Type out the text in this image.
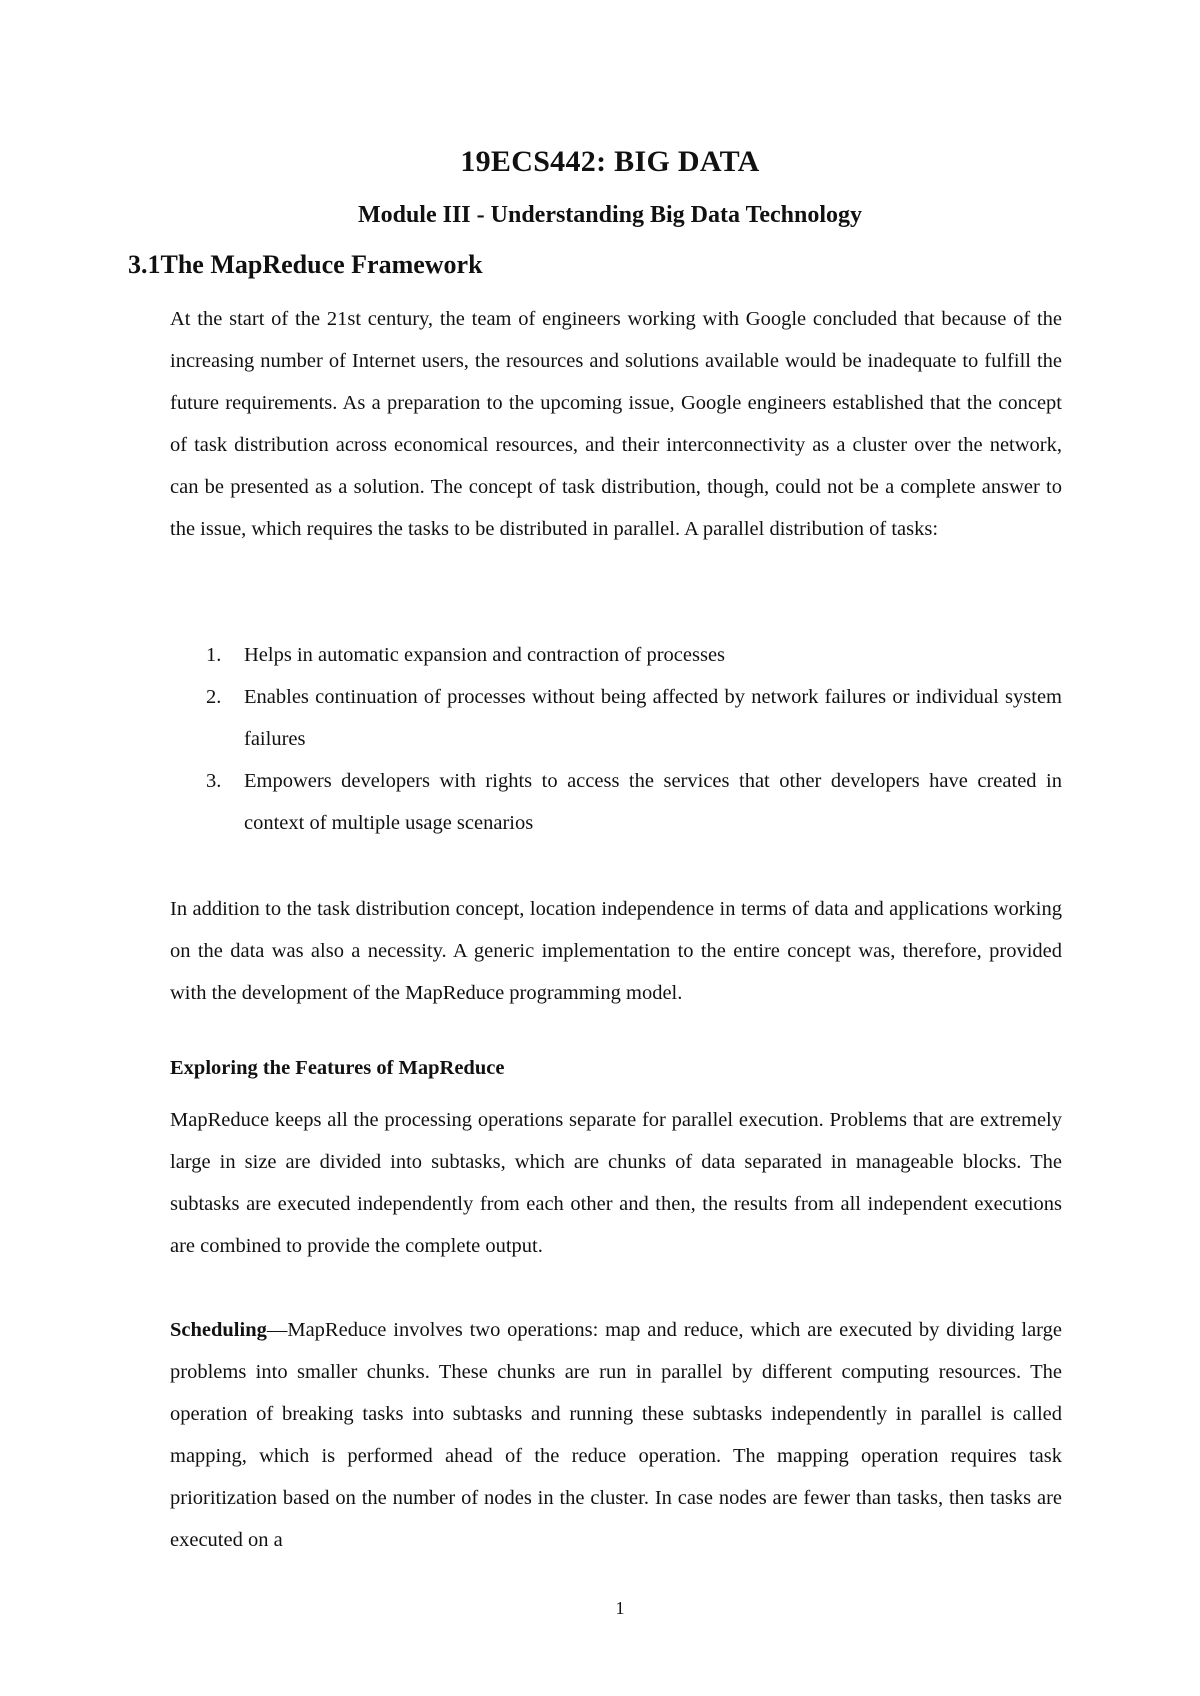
19ECS442: BIG DATA
Module III - Understanding Big Data Technology
3.1The MapReduce Framework

At the start of the 21st century, the team of engineers working with Google concluded that because of the increasing number of Internet users, the resources and solutions available would be inadequate to fulfill the future requirements. As a preparation to the upcoming issue, Google engineers established that the concept of task distribution across economical resources, and their interconnectivity as a cluster over the network, can be presented as a solution. The concept of task distribution, though, could not be a complete answer to the issue, which requires the tasks to be distributed in parallel. A parallel distribution of tasks:

1. Helps in automatic expansion and contraction of processes
2. Enables continuation of processes without being affected by network failures or individual system failures
3. Empowers developers with rights to access the services that other developers have created in context of multiple usage scenarios

In addition to the task distribution concept, location independence in terms of data and applications working on the data was also a necessity. A generic implementation to the entire concept was, therefore, provided with the development of the MapReduce programming model.

Exploring the Features of MapReduce

MapReduce keeps all the processing operations separate for parallel execution. Problems that are extremely large in size are divided into subtasks, which are chunks of data separated in manageable blocks. The subtasks are executed independently from each other and then, the results from all independent executions are combined to provide the complete output.

Scheduling—MapReduce involves two operations: map and reduce, which are executed by dividing large problems into smaller chunks. These chunks are run in parallel by different computing resources. The operation of breaking tasks into subtasks and running these subtasks independently in parallel is called mapping, which is performed ahead of the reduce operation. The mapping operation requires task prioritization based on the number of nodes in the cluster. In case nodes are fewer than tasks, then tasks are executed on a

1
